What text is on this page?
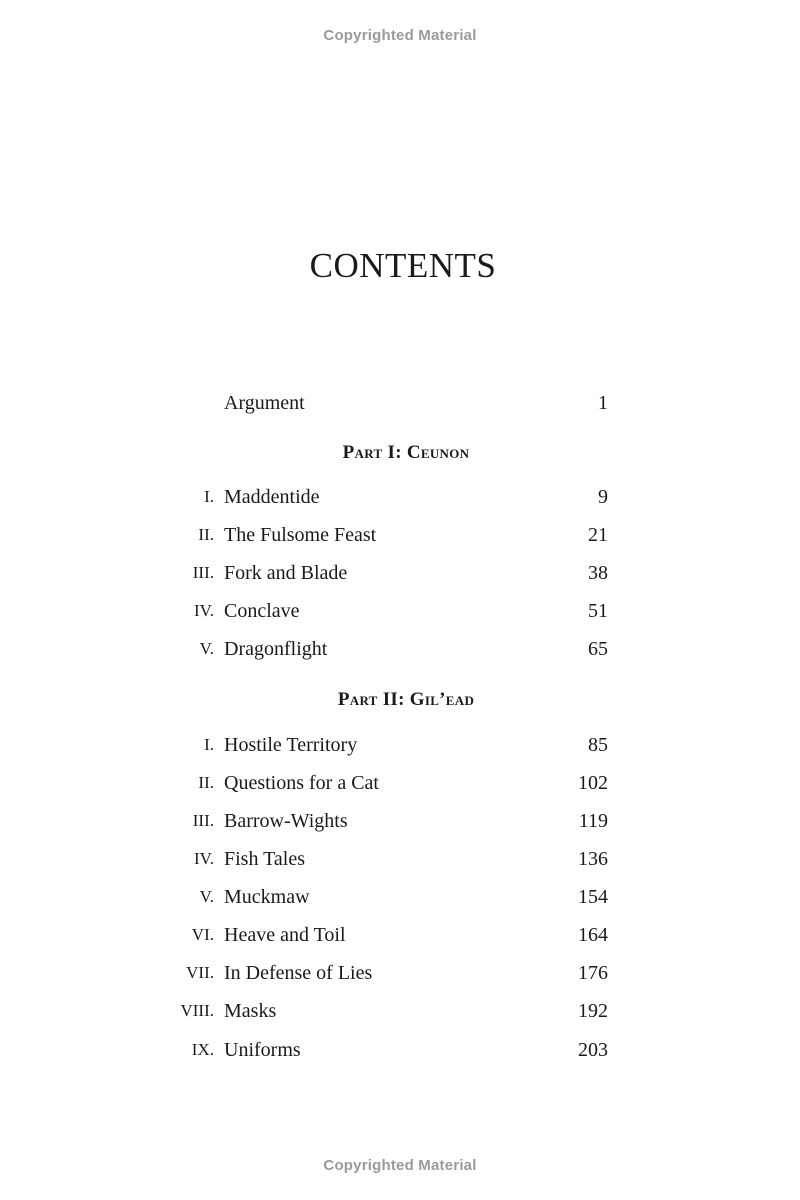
Copyrighted Material
CONTENTS
Argument	1
Part I: Ceunon
I. Maddentide	9
II. The Fulsome Feast	21
III. Fork and Blade	38
IV. Conclave	51
V. Dragonflight	65
Part II: Gil’ead
I. Hostile Territory	85
II. Questions for a Cat	102
III. Barrow-Wights	119
IV. Fish Tales	136
V. Muckmaw	154
VI. Heave and Toil	164
VII. In Defense of Lies	176
VIII. Masks	192
IX. Uniforms	203
Copyrighted Material
